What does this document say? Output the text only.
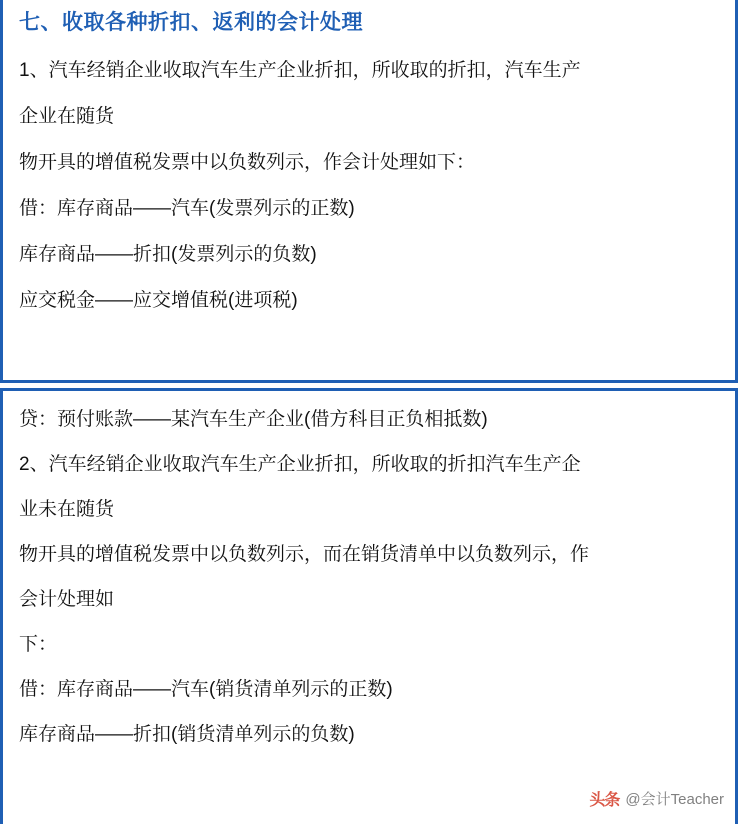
七、收取各种折扣、返利的会计处理

1、汽车经销企业收取汽车生产企业折扣，所收取的折扣，汽车生产

企业在随货

物开具的增值税发票中以负数列示，作会计处理如下：

借：库存商品——汽车(发票列示的正数)

库存商品——折扣(发票列示的负数)

应交税金——应交增值税(进项税)

贷：预付账款——某汽车生产企业(借方科目正负相抵数)

2、汽车经销企业收取汽车生产企业折扣，所收取的折扣汽车生产企

业未在随货

物开具的增值税发票中以负数列示，而在销货清单中以负数列示，作

会计处理如

下：

借：库存商品——汽车(销货清单列示的正数)

库存商品——折扣(销货清单列示的负数)

头条 @会计Teacher
